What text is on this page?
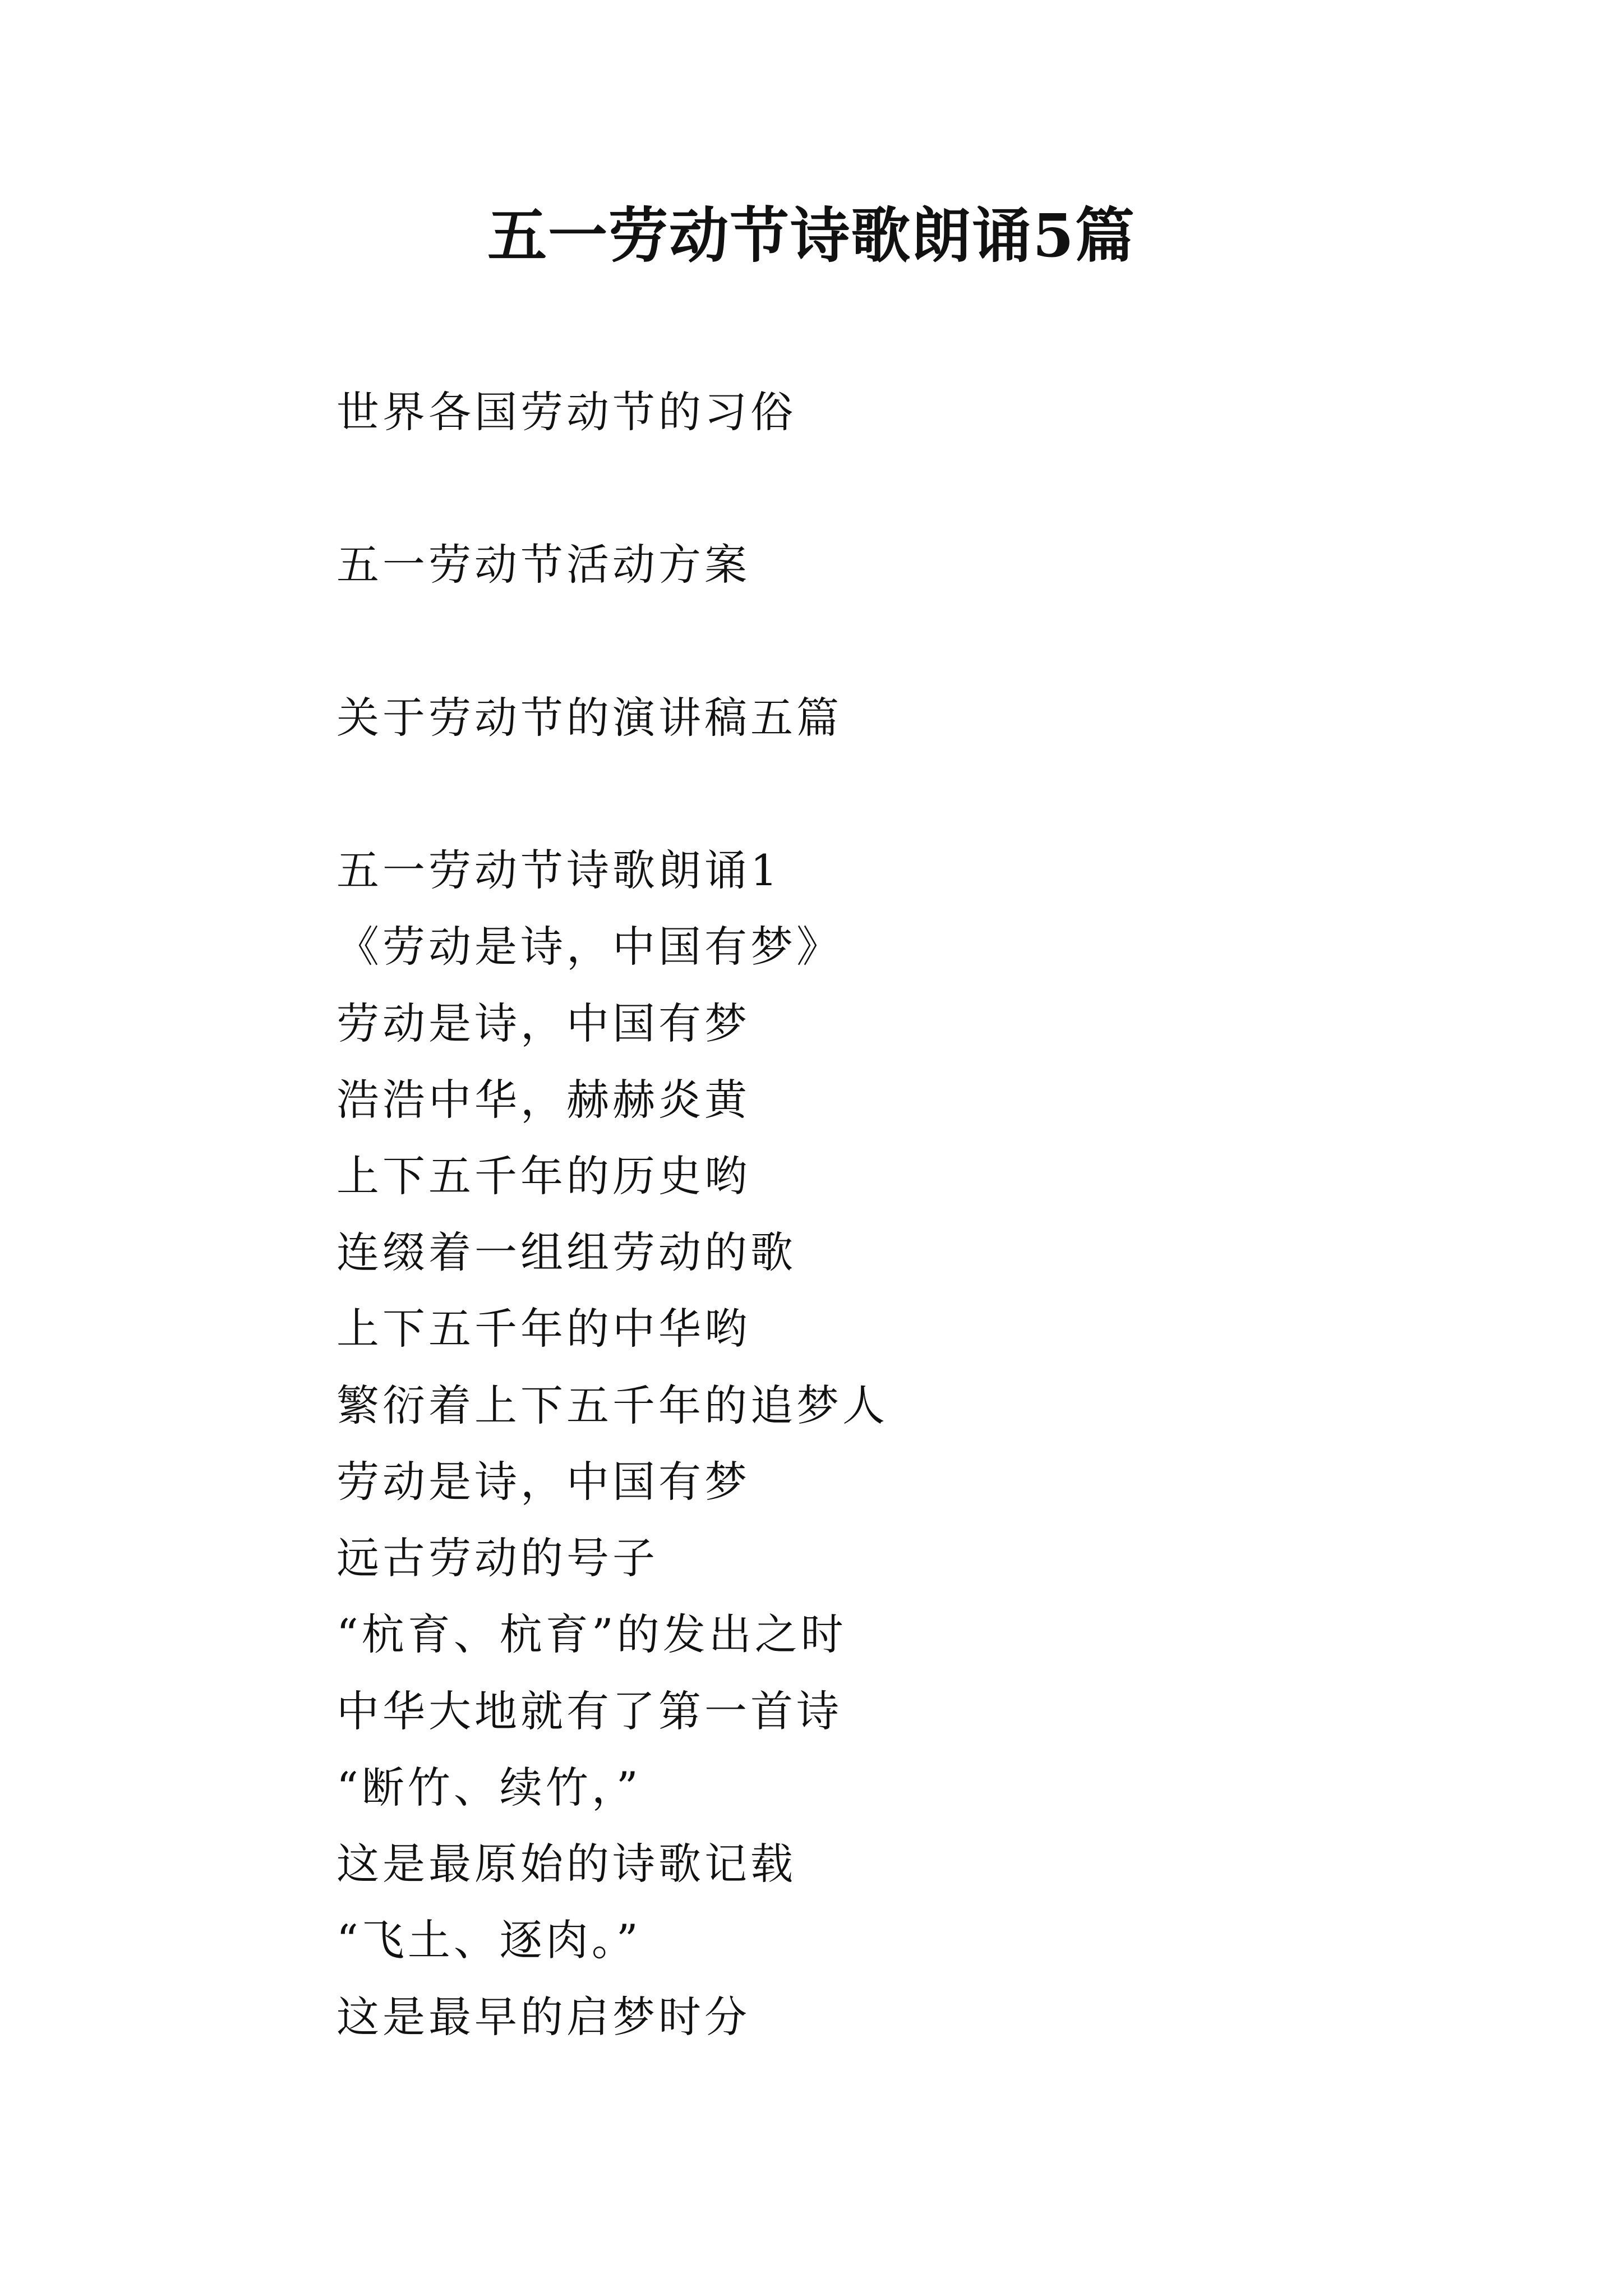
五一劳动节诗歌朗诵5篇
世界各国劳动节的习俗
五一劳动节活动方案
关于劳动节的演讲稿五篇
五一劳动节诗歌朗诵1
《劳动是诗，中国有梦》
劳动是诗，中国有梦
浩浩中华，赫赫炎黄
上下五千年的历史哟
连缀着一组组劳动的歌
上下五千年的中华哟
繁衍着上下五千年的追梦人
劳动是诗，中国有梦
远古劳动的号子
“杭育、杭育”的发出之时
中华大地就有了第一首诗
“断竹、续竹，”
这是最原始的诗歌记载
“飞土、逐肉。”
这是最早的启梦时分
